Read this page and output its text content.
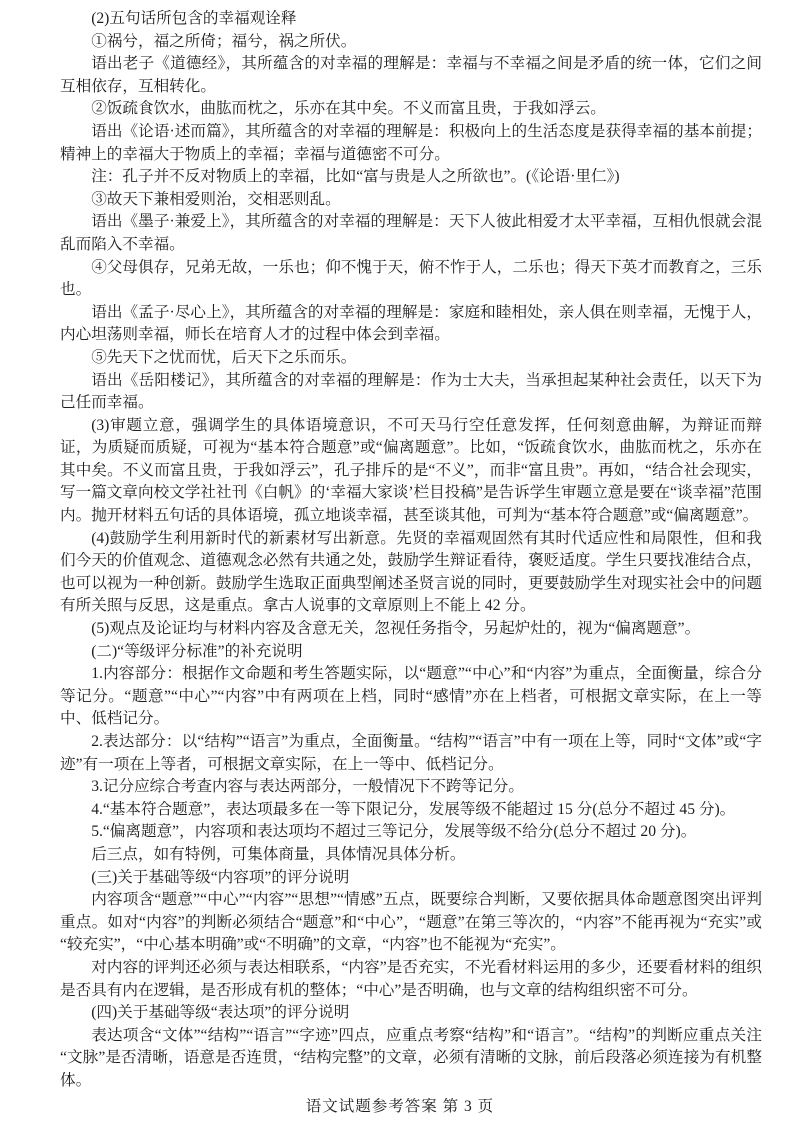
(2)五句话所包含的幸福观诠释

①祸兮，福之所倚；福兮，祸之所伏。

语出老子《道德经》，其所蕴含的对幸福的理解是：幸福与不幸福之间是矛盾的统一体，它们之间互相依存，互相转化。

②饭疏食饮水，曲肱而枕之，乐亦在其中矣。不义而富且贵，于我如浮云。

语出《论语·述而篇》，其所蕴含的对幸福的理解是：积极向上的生活态度是获得幸福的基本前提；精神上的幸福大于物质上的幸福；幸福与道德密不可分。

注：孔子并不反对物质上的幸福，比如“富与贵是人之所欲也”。(《论语·里仁》)

③故天下兼相爱则治，交相恶则乱。

语出《墨子·兼爱上》，其所蕴含的对幸福的理解是：天下人彼此相爱才太平幸福，互相仇恨就会混乱而陷入不幸福。

④父母俱存，兄弟无故，一乐也；仰不愧于天，俯不怍于人，二乐也；得天下英才而教育之，三乐也。

语出《孟子·尽心上》，其所蕴含的对幸福的理解是：家庭和睦相处，亲人俱在则幸福，无愧于人，内心坦荡则幸福，师长在培育人才的过程中体会到幸福。

⑤先天下之忧而忧，后天下之乐而乐。

语出《岳阳楼记》，其所蕴含的对幸福的理解是：作为士大夫，当承担起某种社会责任，以天下为己任而幸福。

(3)审题立意，强调学生的具体语境意识，不可天马行空任意发挥，任何刻意曲解，为辩证而辩证，为质疑而质疑，可视为“基本符合题意”或“偏离题意”。比如，“饭疏食饮水，曲肱而枕之，乐亦在其中矣。不义而富且贵，于我如浮云”，孔子排斥的是“不义”，而非“富且贵”。再如，“结合社会现实，写一篇文章向校文学社社刊《白帆》的‘幸福大家谈’栏目投稿”是告诉学生审题立意是要在“谈幸福”范围内。抛开材料五句话的具体语境，孤立地谈幸福，甚至谈其他，可判为“基本符合题意”或“偏离题意”。

(4)鼓励学生利用新时代的新素材写出新意。先贤的幸福观固然有其时代适应性和局限性，但和我们今天的价值观念、道德观念必然有共通之处，鼓励学生辩证看待，褒贬适度。学生只要找准结合点，也可以视为一种创新。鼓励学生选取正面典型阐述圣贤言说的同时，更要鼓励学生对现实社会中的问题有所关照与反思，这是重点。拿古人说事的文章原则上不能上 42 分。

(5)观点及论证均与材料内容及含意无关，忽视任务指令，另起炉灶的，视为“偏离题意”。

(二)“等级评分标准”的补充说明

1.内容部分：根据作文命题和考生答题实际，以“题意”“中心”和“内容”为重点，全面衡量，综合分等记分。“题意”“中心”“内容”中有两项在上档，同时“感情”亦在上档者，可根据文章实际，在上一等中、低档记分。

2.表达部分：以“结构”“语言”为重点，全面衡量。“结构”“语言”中有一项在上等，同时“文体”或“字迹”有一项在上等者，可根据文章实际，在上一等中、低档记分。

3.记分应综合考查内容与表达两部分，一般情况下不跨等记分。

4.“基本符合题意”，表达项最多在一等下限记分，发展等级不能超过 15 分(总分不超过 45 分)。

5.“偏离题意”，内容项和表达项均不超过三等记分，发展等级不给分(总分不超过 20 分)。

后三点，如有特例，可集体商量，具体情况具体分析。

(三)关于基础等级“内容项”的评分说明

内容项含“题意”“中心”“内容”“思想”“情感”五点，既要综合判断，又要依据具体命题意图突出评判重点。如对“内容”的判断必须结合“题意”和“中心”，“题意”在第三等次的，“内容”不能再视为“充实”或“较充实”，“中心基本明确”或“不明确”的文章，“内容”也不能视为“充实”。

对内容的评判还必须与表达相联系，“内容”是否充实，不光看材料运用的多少，还要看材料的组织是否具有内在逻辑，是否形成有机的整体；“中心”是否明确，也与文章的结构组织密不可分。

(四)关于基础等级“表达项”的评分说明

表达项含“文体”“结构”“语言”“字迹”四点，应重点考察“结构”和“语言”。“结构”的判断应重点关注“文脉”是否清晰，语意是否连贯，“结构完整”的文章，必须有清晰的文脉，前后段落必须连接为有机整体。

语文试题参考答案 第 3 页
